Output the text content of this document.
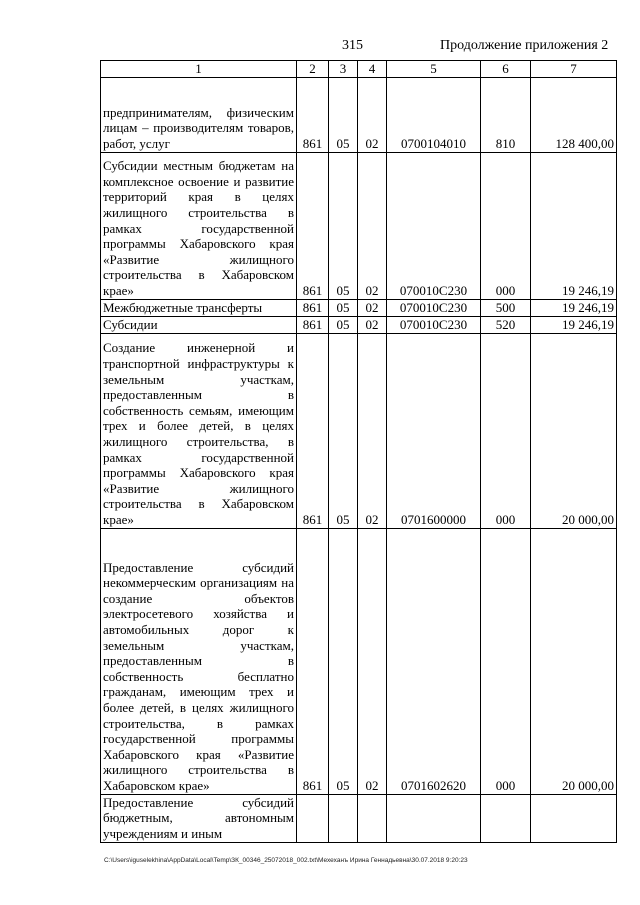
315	Продолжение приложения 2
1	2	3	4	5	6	7
предпринимателям, физическим лицам – производителям товаров, работ, услуг	861	05	02	0700104010	810	128 400,00
Субсидии местным бюджетам на комплексное освоение и развитие территорий края в целях жилищного строительства в рамках государственной программы Хабаровского края «Развитие жилищного строительства в Хабаровском крае»	861	05	02	070010С230	000	19 246,19
Межбюджетные трансферты	861	05	02	070010С230	500	19 246,19
Субсидии	861	05	02	070010С230	520	19 246,19
Создание инженерной и транспортной инфраструктуры к земельным участкам, предоставленным в собственность семьям, имеющим трех и более детей, в целях жилищного строительства, в рамках государственной программы Хабаровского края «Развитие жилищного строительства в Хабаровском крае»	861	05	02	0701600000	000	20 000,00
Предоставление субсидий некоммерческим организациям на создание объектов электросетевого хозяйства и автомобильных дорог к земельным участкам, предоставленным в собственность бесплатно гражданам, имеющим трех и более детей, в целях жилищного строительства, в рамках государственной программы Хабаровского края «Развитие жилищного строительства в Хабаровском крае»	861	05	02	0701602620	000	20 000,00
Предоставление субсидий бюджетным, автономным учреждениям и иным						
C:\Users\iguselekhina\AppData\Local\Temp\ЗК_00346_25072018_002.txt\Мехеханъ Ирина Геннадьевна\30.07.2018 9:20:23
